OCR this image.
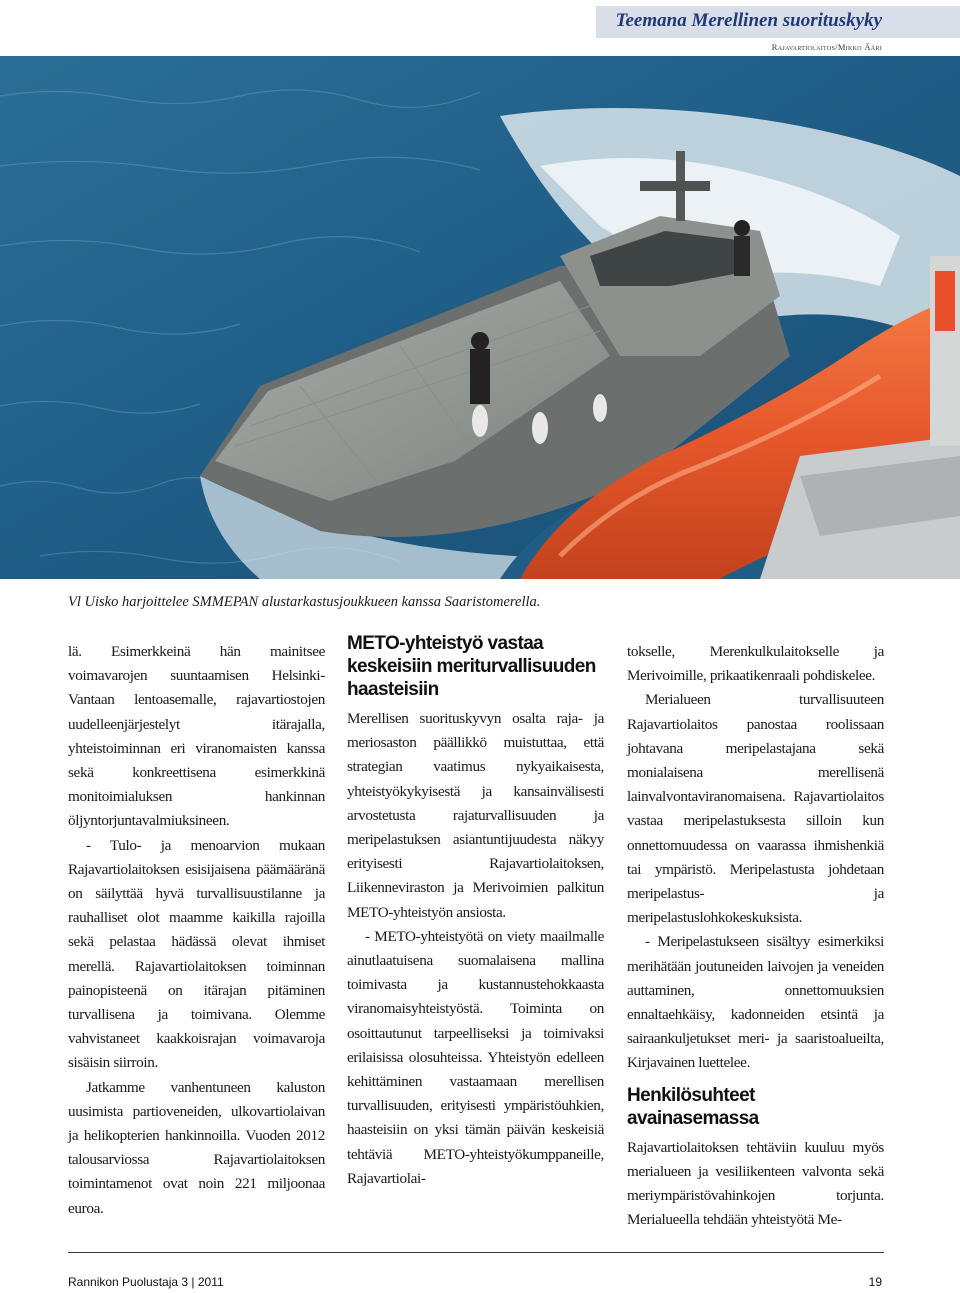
Teemana Merellinen suorituskyky
Rajavartiolaitos/Mikko Ääri
Vl Uisko harjoittelee SMMEPAN alustarkastusjoukkueen kanssa Saaristomerella.

lä. Esimerkkeinä hän mainitsee voimavarojen suuntaamisen Helsinki-Vantaan lentoasemalle, rajavartiostojen uudelleenjärjestelyt itärajalla, yhteistoiminnan eri viranomaisten kanssa sekä konkreettisena esimerkkinä monitoimialuksen hankinnan öljyntorjuntavalmiuksineen.

- Tulo- ja menoarvion mukaan Rajavartiolaitoksen esisijaisena päämääränä on säilyttää hyvä turvallisuustilanne ja rauhalliset olot maamme kaikilla rajoilla sekä pelastaa hädässä olevat ihmiset merellä. Rajavartiolaitoksen toiminnan painopisteenä on itärajan pitäminen turvallisena ja toimivana. Olemme vahvistaneet kaakkoisrajan voimavaroja sisäisin siirroin.

Jatkamme vanhentuneen kaluston uusimista partioveneiden, ulkovartiolaivan ja helikopterien hankinnoilla. Vuoden 2012 talousarviossa Rajavartiolaitoksen toimintamenot ovat noin 221 miljoonaa euroa.

METO-yhteistyö vastaa keskeisiin meriturvallisuuden haasteisiin

Merellisen suorituskyvyn osalta raja- ja meriosaston päällikkö muistuttaa, että strategian vaatimus nykyaikaisesta, yhteistyökykyisestä ja kansainvälisesti arvostetusta rajaturvallisuuden ja meripelastuksen asiantuntijuudesta näkyy erityisesti Rajavartiolaitoksen, Liikenneviraston ja Merivoimien palkitun METO-yhteistyön ansiosta.

- METO-yhteistyötä on viety maailmalle ainutlaatuisena suomalaisena mallina toimivasta ja kustannustehokkaasta viranomaisyhteistyöstä. Toiminta on osoittautunut tarpeelliseksi ja toimivaksi erilaisissa olosuhteissa. Yhteistyön edelleen kehittäminen vastaamaan merellisen turvallisuuden, erityisesti ympäristöuhkien, haasteisiin on yksi tämän päivän keskeisiä tehtäviä METO-yhteistyökumppaneille, Rajavartiolai-

tokselle, Merenkulkulaitokselle ja Merivoimille, prikaatikenraali pohdiskelee.

Merialueen turvallisuuteen Rajavartiolaitos panostaa roolissaan johtavana meripelastajana sekä monialaisena merellisenä lainvalvontaviranomaisena. Rajavartiolaitos vastaa meripelastuksesta silloin kun onnettomuudessa on vaarassa ihmishenkiä tai ympäristö. Meripelastusta johdetaan meripelastus- ja meripelastuslohkokeskuksista.

- Meripelastukseen sisältyy esimerkiksi merihätään joutuneiden laivojen ja veneiden auttaminen, onnettomuuksien ennaltaehkäisy, kadonneiden etsintä ja sairaankuljetukset meri- ja saaristoalueilta, Kirjavainen luettelee.

Henkilösuhteet avainasemassa

Rajavartiolaitoksen tehtäviin kuuluu myös merialueen ja vesiliikenteen valvonta sekä meriympäristövahinkojen torjunta. Merialueella tehdään yhteistyötä Me-

Rannikon Puolustaja 3 | 2011	19
